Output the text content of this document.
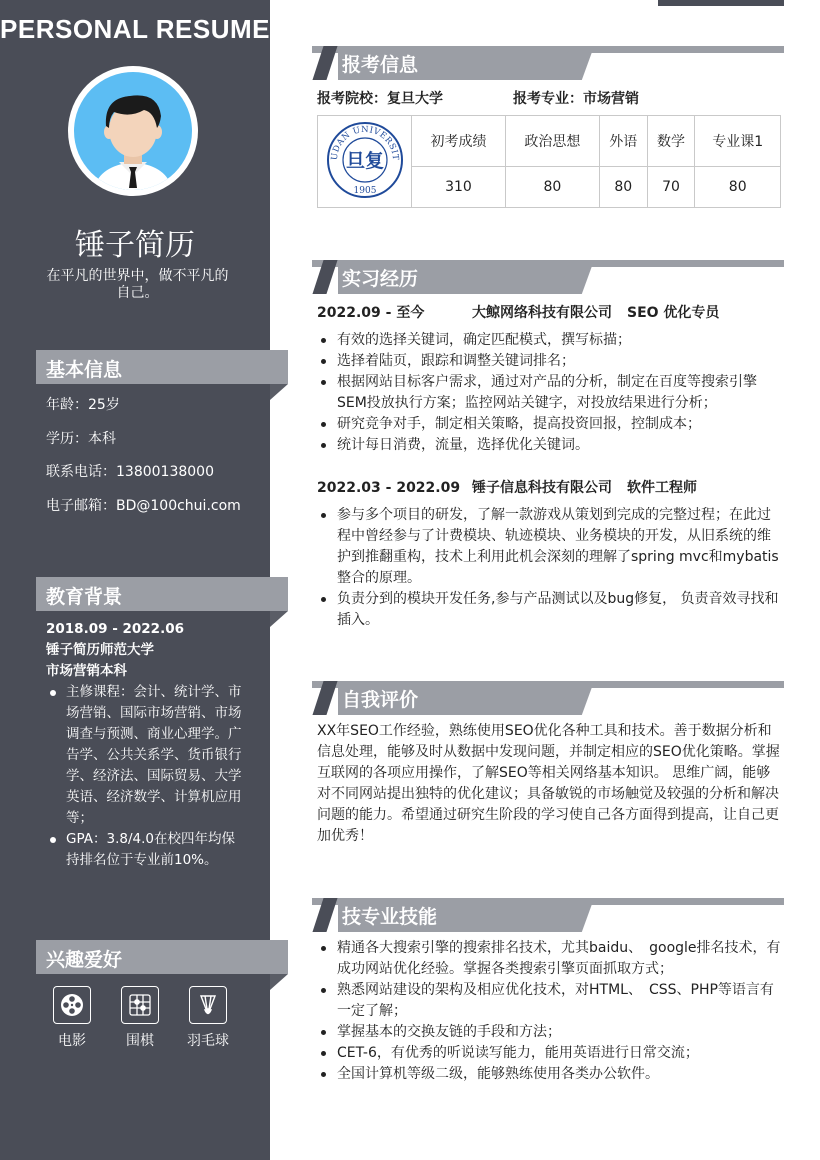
PERSONAL RESUME
锤子简历
在平凡的世界中，做不平凡的自己。
基本信息
年龄：25岁
学历：本科
联系电话：13800138000
电子邮箱：BD@100chui.com
教育背景
2018.09 - 2022.06
锤子简历师范大学
市场营销本科
主修课程：会计、统计学、市场营销、国际市场营销、市场调查与预测、商业心理学。广告学、公共关系学、货币银行学、经济法、国际贸易、大学英语、经济数学、计算机应用等；
GPA：3.8/4.0在校四年均保持排名位于专业前10%。
兴趣爱好
电影	围棋	羽毛球
报考信息
报考院校：复旦大学	报考专业：市场营销
UDAN UNIVERSIT
旦复
1905	初考成绩	政治思想	外语	数学	专业课1
	310	80	80	70	80
实习经历
2022.09 - 至今	大鲸网络科技有限公司 SEO 优化专员
有效的选择关键词，确定匹配模式，撰写标描；
选择着陆页，跟踪和调整关键词排名；
根据网站目标客户需求，通过对产品的分析，制定在百度等搜索引擎SEM投放执行方案；监控网站关键字，对投放结果进行分析；
研究竞争对手，制定相关策略，提高投资回报，控制成本；
统计每日消费，流量，选择优化关键词。
2022.03 - 2022.09 锤子信息科技有限公司 软件工程师
参与多个项目的研发，了解一款游戏从策划到完成的完整过程；在此过程中曾经参与了计费模块、轨迹模块、业务模块的开发，从旧系统的维护到推翻重构，技术上利用此机会深刻的理解了spring mvc和mybatis整合的原理。
负责分到的模块开发任务,参与产品测试以及bug修复， 负责音效寻找和插入。
自我评价
XX年SEO工作经验，熟练使用SEO优化各种工具和技术。善于数据分析和信息处理，能够及时从数据中发现问题，并制定相应的SEO优化策略。掌握互联网的各项应用操作，了解SEO等相关网络基本知识。 思维广阔，能够对不同网站提出独特的优化建议；具备敏锐的市场触觉及较强的分析和解决问题的能力。希望通过研究生阶段的学习使自己各方面得到提高，让自己更加优秀！
技专业技能
精通各大搜索引擎的搜索排名技术，尤其baidu、　google排名技术，有成功网站优化经验。掌握各类搜索引擎页面抓取方式；
熟悉网站建设的架构及相应优化技术，对HTML、　CSS、PHP等语言有一定了解；
掌握基本的交换友链的手段和方法；
CET-6，有优秀的听说读写能力，能用英语进行日常交流；
全国计算机等级二级，能够熟练使用各类办公软件。
